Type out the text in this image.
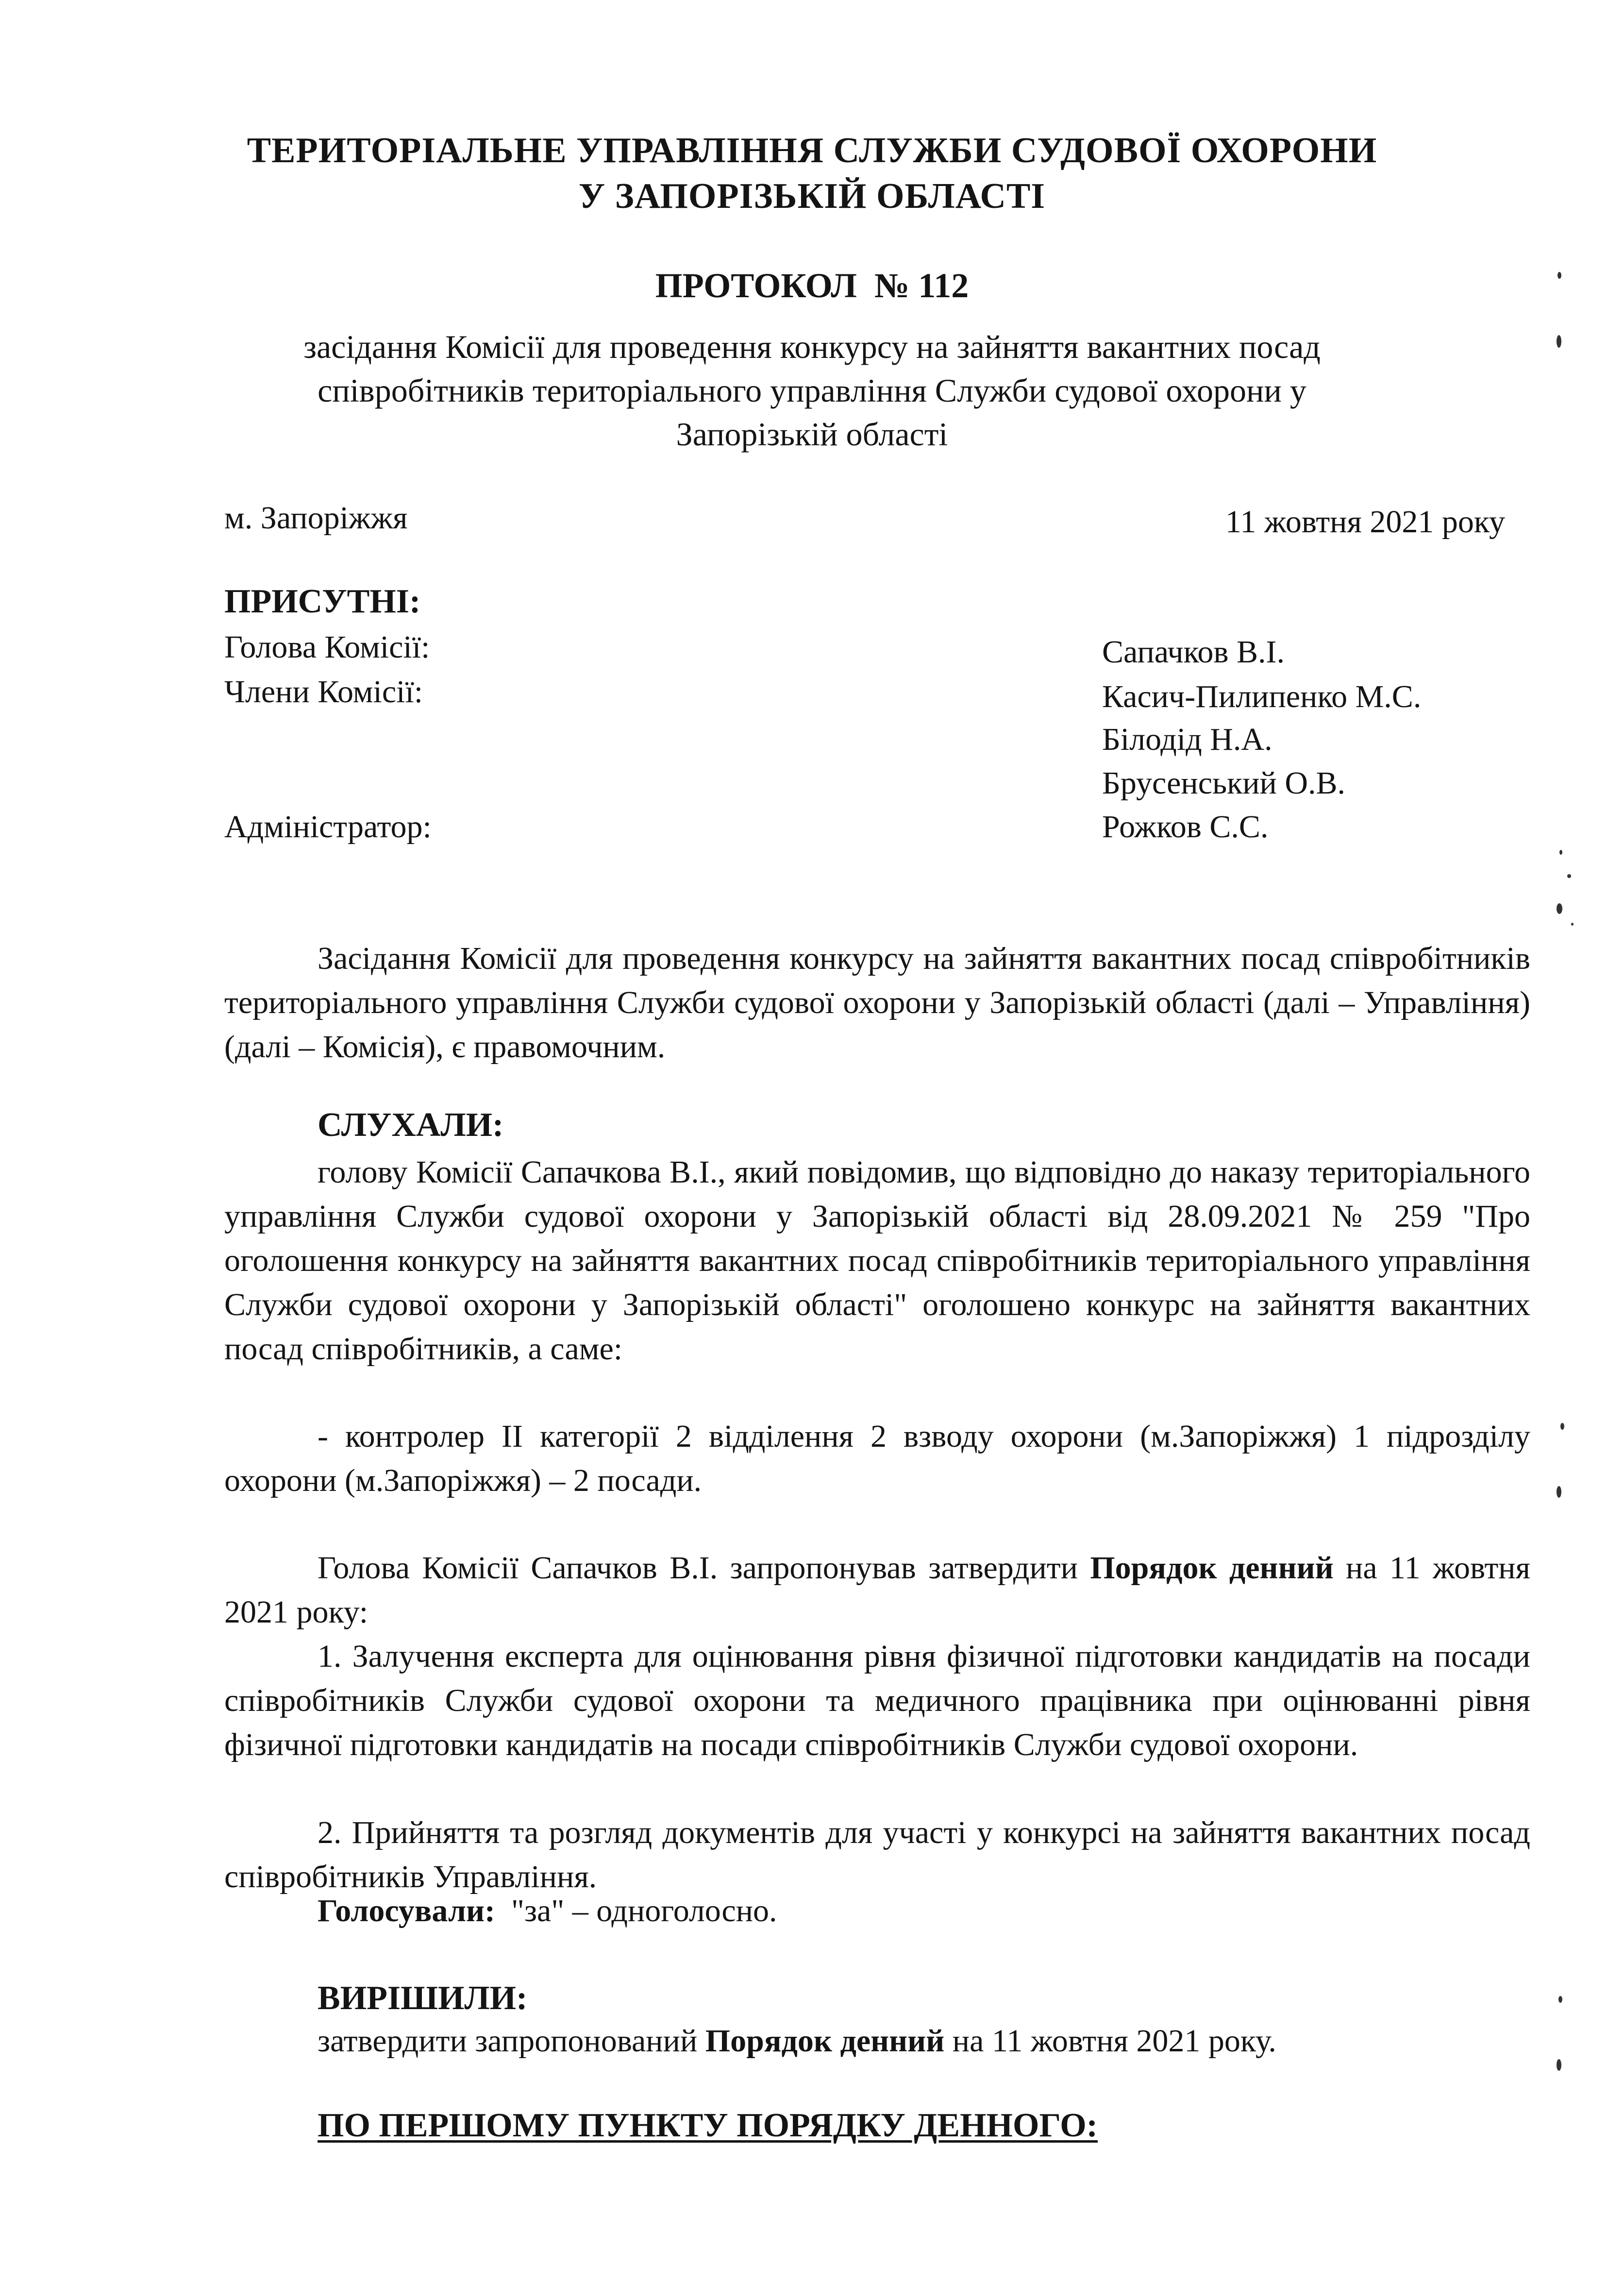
ТЕРИТОРІАЛЬНЕ УПРАВЛІННЯ СЛУЖБИ СУДОВОЇ ОХОРОНИ
У ЗАПОРІЗЬКІЙ ОБЛАСТІ
ПРОТОКОЛ  № 112
засідання Комісії для проведення конкурсу на зайняття вакантних посад
співробітників територіального управління Служби судової охорони у
Запорізькій області
м. Запоріжжя	11 жовтня 2021 року
ПРИСУТНІ:
Голова Комісії:	Сапачков В.І.
Члени Комісії:	Касич-Пилипенко М.С.
Білодід Н.А.
Брусенський О.В.
Адміністратор:	Рожков С.С.
Засідання Комісії для проведення конкурсу на зайняття вакантних посад співробітників територіального управління Служби судової охорони у Запорізькій області (далі – Управління) (далі – Комісія), є правомочним.
СЛУХАЛИ:
голову Комісії Сапачкова В.І., який повідомив, що відповідно до наказу територіального управління Служби судової охорони у Запорізькій області від 28.09.2021 № 259 "Про оголошення конкурсу на зайняття вакантних посад співробітників територіального управління Служби судової охорони у Запорізькій області" оголошено конкурс на зайняття вакантних посад співробітників, а саме:
- контролер ІІ категорії 2 відділення 2 взводу охорони (м.Запоріжжя) 1 підрозділу охорони (м.Запоріжжя) – 2 посади.
Голова Комісії Сапачков В.І. запропонував затвердити Порядок денний на 11 жовтня 2021 року:
1. Залучення експерта для оцінювання рівня фізичної підготовки кандидатів на посади співробітників Служби судової охорони та медичного працівника при оцінюванні рівня фізичної підготовки кандидатів на посади співробітників Служби судової охорони.
2. Прийняття та розгляд документів для участі у конкурсі на зайняття вакантних посад співробітників Управління.
Голосували:  "за" – одноголосно.
ВИРІШИЛИ:
затвердити запропонований Порядок денний на 11 жовтня 2021 року.
ПО ПЕРШОМУ ПУНКТУ ПОРЯДКУ ДЕННОГО:
